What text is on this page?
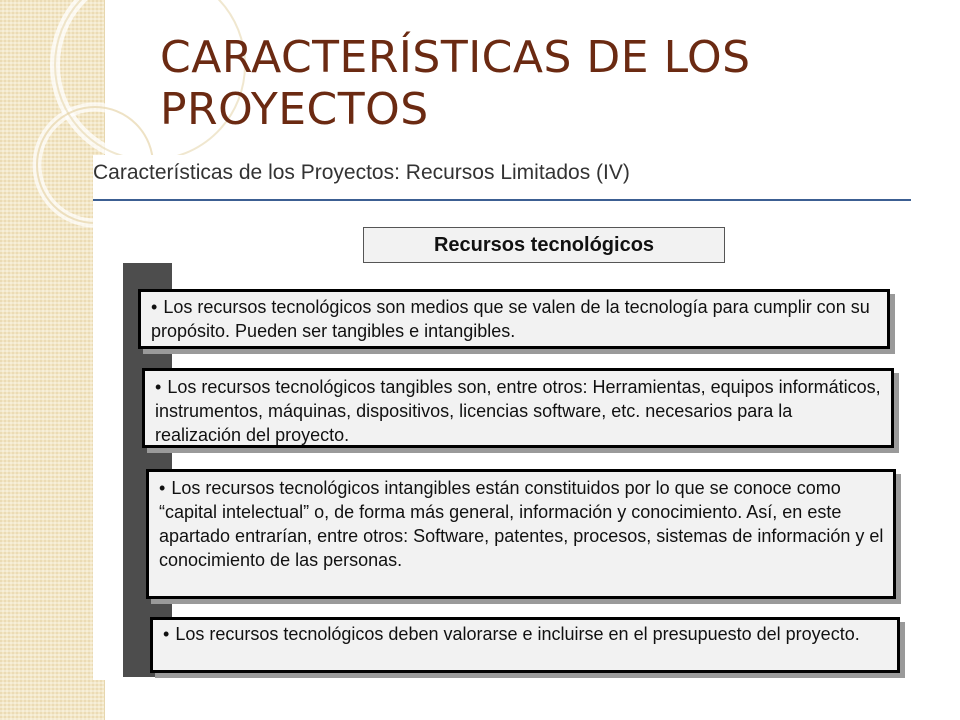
CARACTERÍSTICAS DE LOS PROYECTOS
Características de los Proyectos: Recursos Limitados (IV)
Recursos tecnológicos
• Los recursos tecnológicos son medios que se valen de la tecnología para cumplir con su propósito. Pueden ser tangibles e intangibles.
• Los recursos tecnológicos tangibles son, entre otros: Herramientas, equipos informáticos, instrumentos, máquinas, dispositivos, licencias software, etc. necesarios para la realización del proyecto.
• Los recursos tecnológicos intangibles están constituidos por lo que se conoce como “capital intelectual” o, de forma más general, información y conocimiento. Así, en este apartado entrarían, entre otros: Software, patentes, procesos, sistemas de información y el conocimiento de las personas.
• Los recursos tecnológicos deben valorarse e incluirse en el presupuesto del proyecto.
